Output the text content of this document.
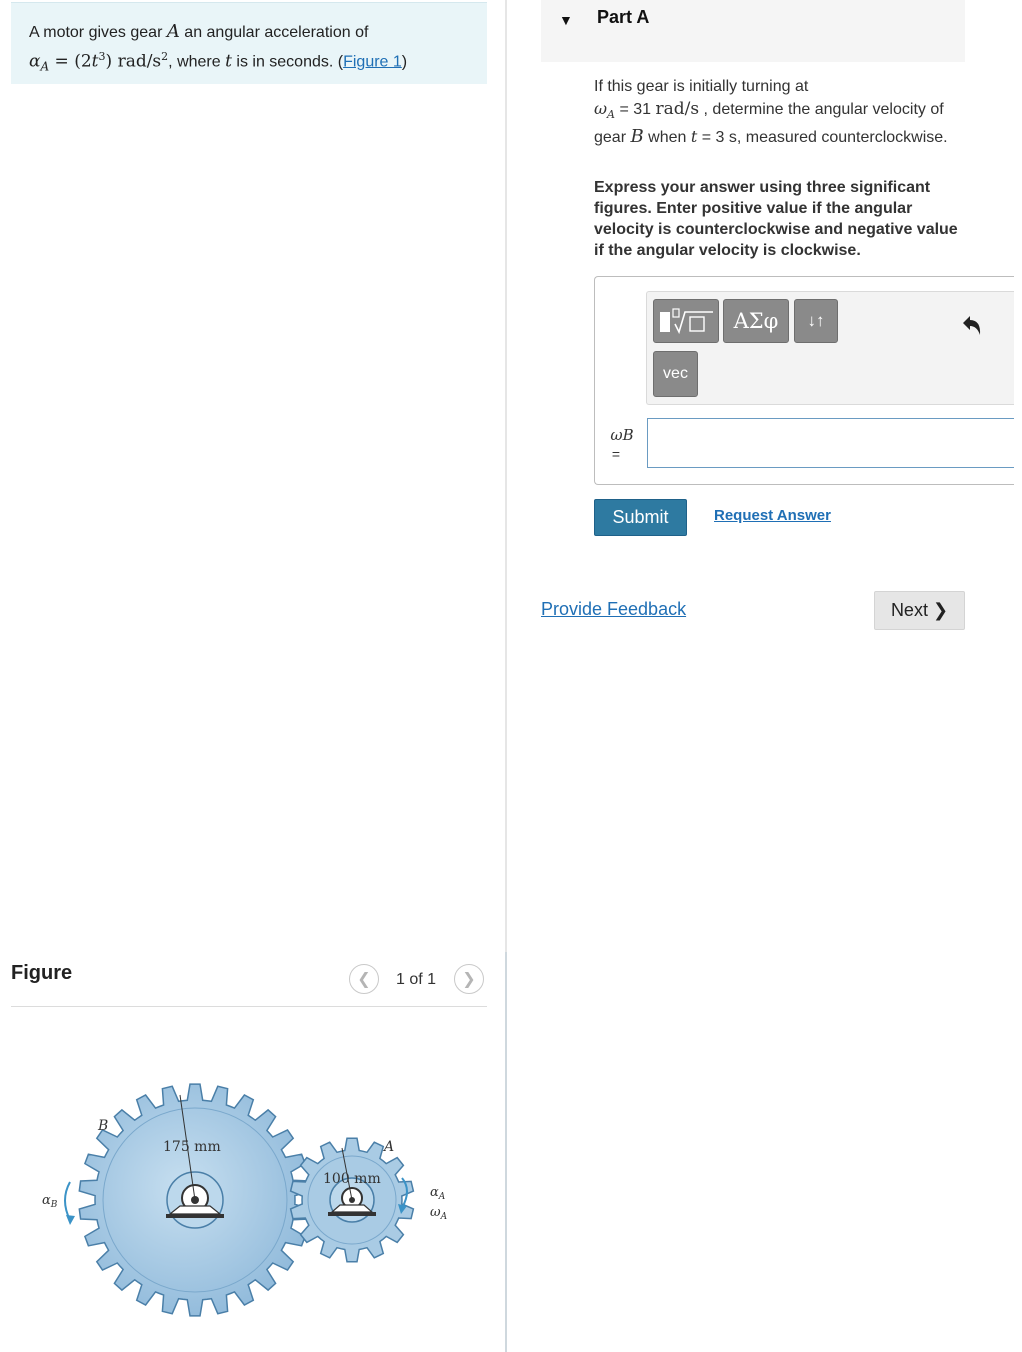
A motor gives gear A an angular acceleration of
$\alpha_A = (2t^3)$ rad/$s^2$, where t is in seconds. (Figure 1)
Figure	❮ 1 of 1 ❯
B
A
175 mm
100 mm
$\alpha_B$
$\alpha_A$
$\omega_A$
▼ Part A
If this gear is initially turning at
$\omega_A = 31$ rad/s , determine the angular velocity of gear B when t = 3 s, measured counterclockwise.
Express your answer using three significant figures. Enter positive value if the angular velocity is counterclockwise and negative value if the angular velocity is clockwise.
ΑΣφ	↓↑
vec
ωB
=
Submit	Request Answer
Provide Feedback	Next ❯
